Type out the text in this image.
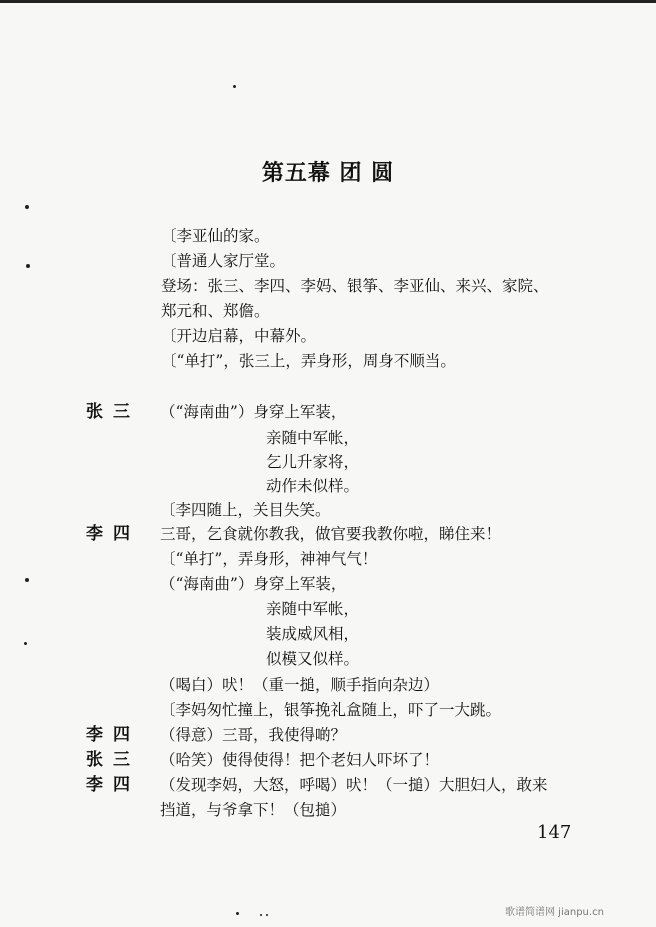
第五幕 团 圆
〔李亚仙的家。
〔普通人家厅堂。
登场：张三、李四、李妈、银筝、李亚仙、来兴、家院、
郑元和、郑儋。
〔开边启幕，中幕外。
〔“单打”，张三上，弄身形，周身不顺当。
张三 （“海南曲”）身穿上军装，
亲随中军帐，
乞儿升家将，
动作未似样。
〔李四随上，关目失笑。
李四 三哥，乞食就你教我，做官要我教你啦，睇住来！
〔“单打”，弄身形，神神气气！
（“海南曲”）身穿上军装，
亲随中军帐，
装成威风相，
似模又似样。
（喝白）吠！（重一搥，顺手指向杂边）
〔李妈匆忙撞上，银筝挽礼盒随上，吓了一大跳。
李四 （得意）三哥，我使得啲？
张三 （哈笑）使得使得！把个老妇人吓坏了！
李四 （发现李妈，大怒，呼喝）吠！（一搥）大胆妇人，敢来
挡道，与爷拿下！（包搥）
147
歌谱简谱网 jianpu.cn
